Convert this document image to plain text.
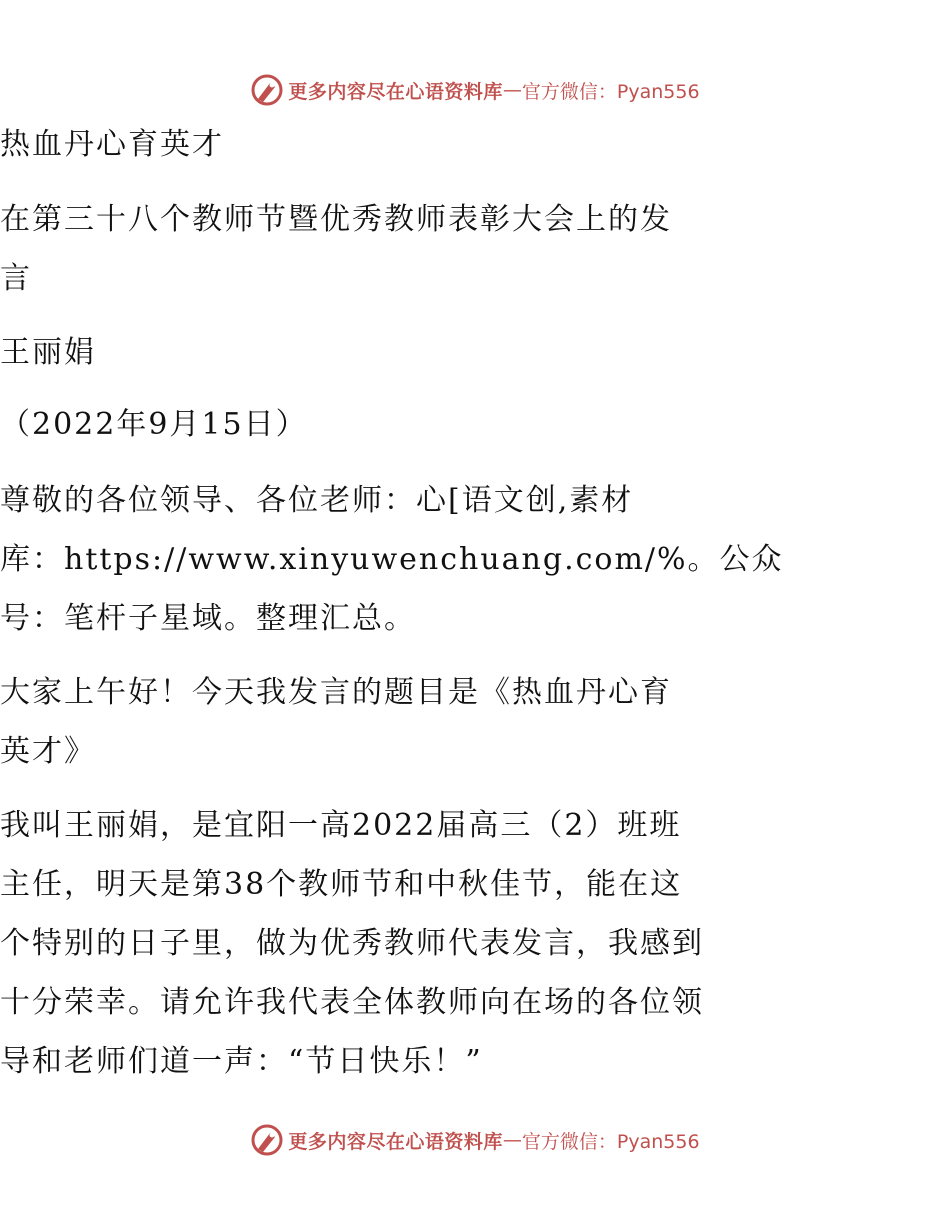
更多内容尽在心语资料库 — 官方微信：Pyan556
热血丹心育英才
在第三十八个教师节暨优秀教师表彰大会上的发
言
王丽娟
（2022年9月15日）
尊敬的各位领导、各位老师：心[语文创,素材
库：https://www.xinyuwenchuang.com/%。公众
号：笔杆子星域。整理汇总。
大家上午好！今天我发言的题目是《热血丹心育
英才》
我叫王丽娟，是宜阳一高2022届高三（2）班班
主任，明天是第38个教师节和中秋佳节，能在这
个特别的日子里，做为优秀教师代表发言，我感到
十分荣幸。请允许我代表全体教师向在场的各位领
导和老师们道一声：“节日快乐！”
更多内容尽在心语资料库 — 官方微信：Pyan556
